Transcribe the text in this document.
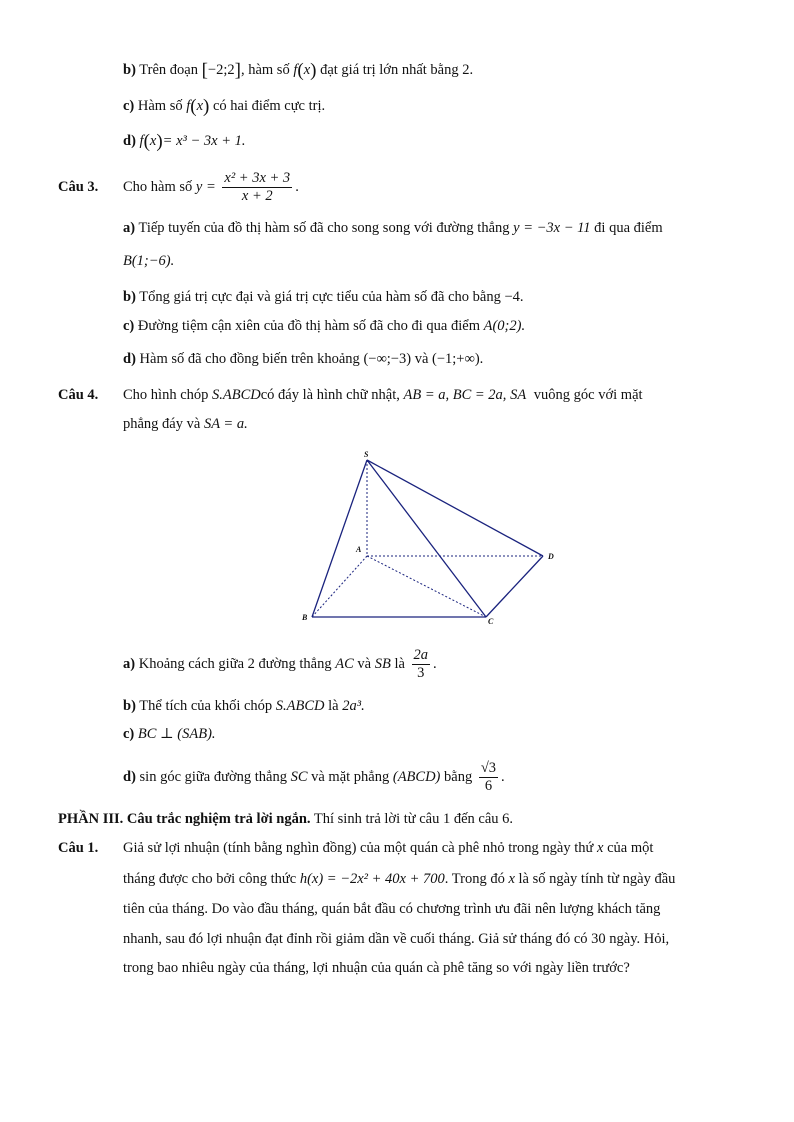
b) Trên đoạn [−2;2], hàm số f(x) đạt giá trị lớn nhất bằng 2.
c) Hàm số f(x) có hai điểm cực trị.
d) f(x)= x³ − 3x + 1.
Câu 3. Cho hàm số $y = \frac{\text{x² + 3x + 3}}{x + 2}$ .
a) Tiếp tuyến của đồ thị hàm số đã cho song song với đường thẳng y = −3x − 11 đi qua điểm
B(1;−6).
b) Tổng giá trị cực đại và giá trị cực tiểu của hàm số đã cho bằng −4.
c) Đường tiệm cận xiên của đồ thị hàm số đã cho đi qua điểm A(0;2).
d) Hàm số đã cho đồng biến trên khoảng (−∞;−3) và (−1;+∞).
Câu 4. Cho hình chóp S.ABCDcó đáy là hình chữ nhật, AB = a, BC = 2a, SA vuông góc với mặt
phẳng đáy và SA = a.
S
A
B	C
D
a) Khoảng cách giữa 2 đường thẳng AC và SB là $\frac{2a}{3}$ .
b) Thể tích của khối chóp S.ABCD là 2a³.
c) BC ⊥ (SAB).
d) sin góc giữa đường thẳng SC và mặt phẳng (ABCD) bằng $\frac{√3}{6}$ .
PHẦN III. Câu trắc nghiệm trả lời ngắn. Thí sinh trả lời từ câu 1 đến câu 6.
Câu 1. Giả sử lợi nhuận (tính bằng nghìn đồng) của một quán cà phê nhỏ trong ngày thứ x của một
tháng được cho bởi công thức h(x) = −2x² + 40x + 700. Trong đó x là số ngày tính từ ngày đầu
tiên của tháng. Do vào đầu tháng, quán bắt đầu có chương trình ưu đãi nên lượng khách tăng
nhanh, sau đó lợi nhuận đạt đỉnh rồi giảm dần về cuối tháng. Giả sử tháng đó có 30 ngày. Hỏi,
trong bao nhiêu ngày của tháng, lợi nhuận của quán cà phê tăng so với ngày liền trước?
